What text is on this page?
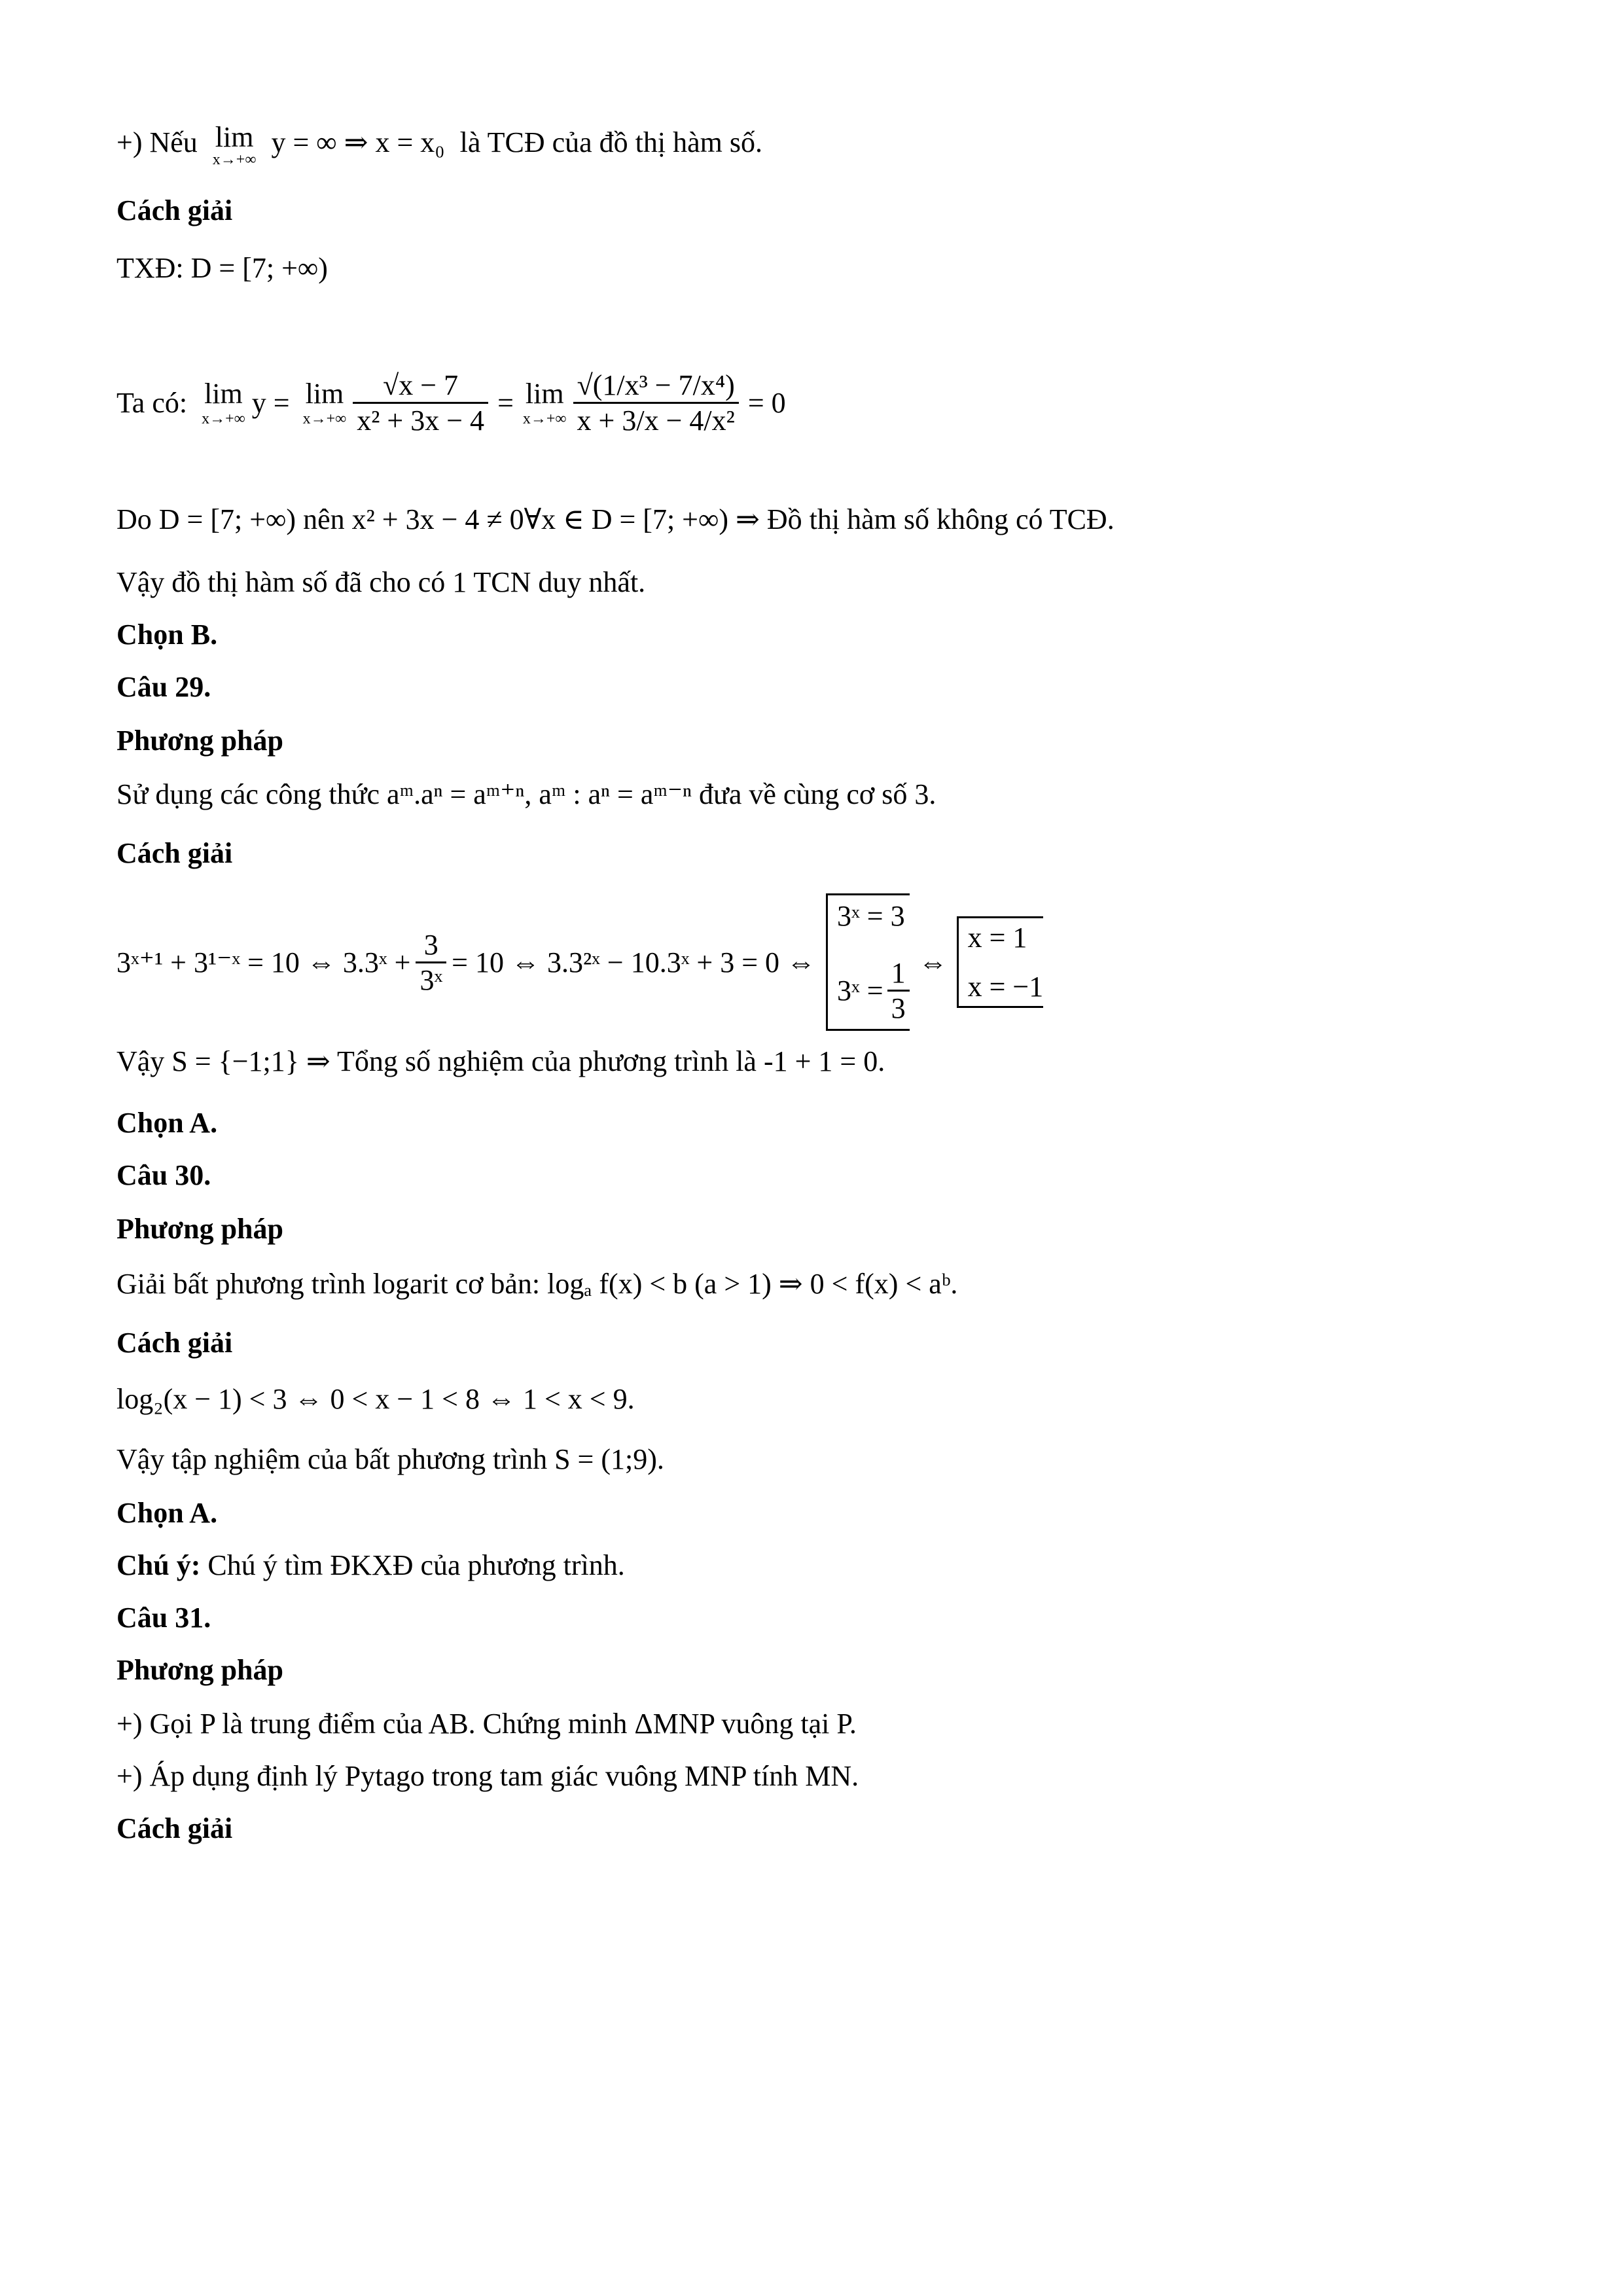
+) Nếu lim
x→+∞
y = ∞ ⇒ x = x₀ là TCĐ của đồ thị hàm số.
Cách giải
TXĐ: D = [7; +∞)
Ta có: lim
x→+∞
y = lim
$x\to+\infty \frac{√x - 7}{\text{x² + 3x − 4}} = \lim$
$x\to+\infty \frac{\text{√(1/x³ − 7/x⁴)}}{\text{x + 3/x − 4/x²}} = 0$
Do D = [7; +∞) nên x² + 3x − 4 ≠ 0∀x ∈ D = [7; +∞) ⇒ Đồ thị hàm số không có TCĐ.
Vậy đồ thị hàm số đã cho có 1 TCN duy nhất.
Chọn B.
Câu 29.
Phương pháp
Sử dụng các công thức aᵐ.aⁿ = aᵐ⁺ⁿ, aᵐ : aⁿ = aᵐ⁻ⁿ đưa về cùng cơ số 3.
Cách giải
3ˣ⁺¹ + 3¹⁻ˣ = 10 ⇔ 3.3ˣ + $\frac{3}{\text{3ˣ}} = 10$ ⇔ 3.3²ˣ − 10.3ˣ + 3 = 0 ⇔
3ˣ = 3
3ˣ = $\frac{1}{3}$ ⇔
x = 1
x = −1
Vậy S = {−1;1} ⇒ Tổng số nghiệm của phương trình là -1 + 1 = 0.
Chọn A.
Câu 30.
Phương pháp
Giải bất phương trình logarit cơ bản: logₐ f(x) < b (a > 1) ⇒ 0 < f(x) < aᵇ.
Cách giải
log₂(x − 1) < 3 ⇔ 0 < x − 1 < 8 ⇔ 1 < x < 9.
Vậy tập nghiệm của bất phương trình S = (1;9).
Chọn A.
Chú ý: Chú ý tìm ĐKXĐ của phương trình.
Câu 31.
Phương pháp
+) Gọi P là trung điểm của AB. Chứng minh ΔMNP vuông tại P.
+) Áp dụng định lý Pytago trong tam giác vuông MNP tính MN.
Cách giải
